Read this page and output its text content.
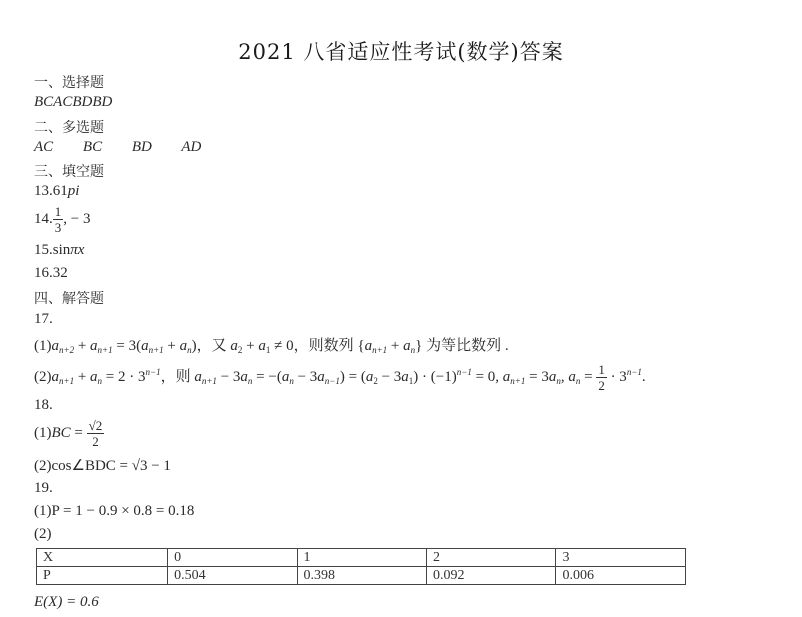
2021 八省适应性考试(数学)答案
一、选择题
BCACBDBD
二、多选题
AC BC BD AD
三、填空题
13.61pi
14. $\frac{1}{3}$ , − 3
15.sinπx
16.32
四、解答题
17.
$(1)a_{n+2} + a_{n+1} = 3(a_{n+1} + a_n)$，又 $a_2 + a_1 \ne 0$，则数列 $\{a_{n+1} + a_n\}$ 为等比数列 .
$(2)a_{n+1} + a_n = 2 \cdot 3^{n-1}$，则 $a_{n+1} - 3a_n = -(a_n - 3a_{n-1}) = (a_2 - 3a_1) \cdot (-1)^{n-1} = 0$, $a_{n+1} = 3a_n$, $a_n = \frac{1}{2} \cdot 3^{n-1}$.
18.
$(1)BC = \frac{√2}{2}$
(2)cos∠BDC = √3 − 1
19.
(1)P = 1 − 0.9 × 0.8 = 0.18
(2)
X	0	1	2	3
P	0.504	0.398	0.092	0.006
E(X) = 0.6
